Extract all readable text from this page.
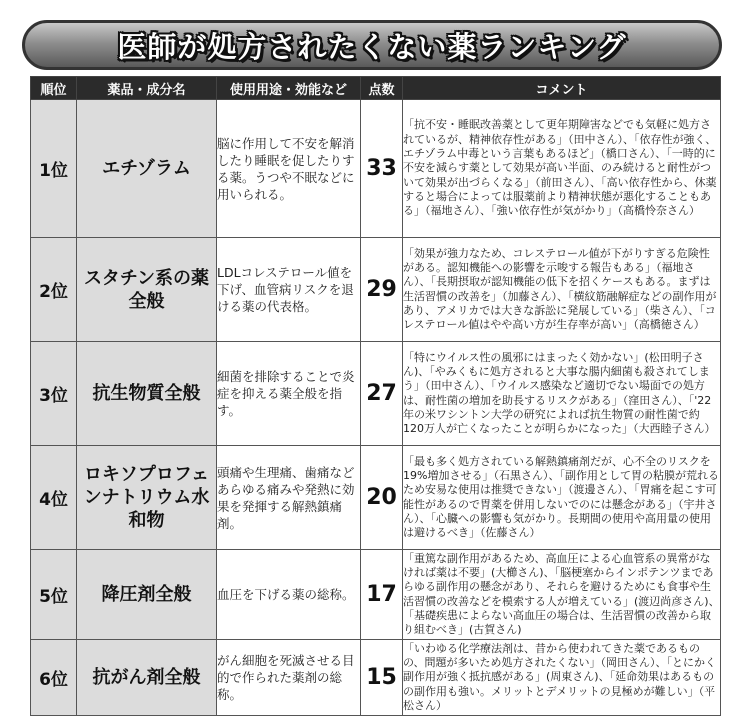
医師が処方されたくない薬ランキング
順位	薬品・成分名	使用用途・効能など	点数	コメント
1位	エチゾラム	脳に作用して不安を解消したり睡眠を促したりする薬。うつや不眠などに用いられる。	33	「抗不安・睡眠改善薬として更年期障害などでも気軽に処方されているが、精神依存性がある」（田中さん）、「依存性が強く、エチゾラム中毒という言葉もあるほど」（橋口さん）、「一時的に不安を減らす薬として効果が高い半面、のみ続けると耐性がついて効果が出づらくなる」（前田さん）、「高い依存性から、休薬すると場合によっては服薬前より精神状態が悪化することもある」（福地さん）、「強い依存性が気がかり」（高橋怜奈さん）
2位	スタチン系の薬全般	LDLコレステロール値を下げ、血管病リスクを退ける薬の代表格。	29	「効果が強力なため、コレステロール値が下がりすぎる危険性がある。認知機能への影響を示唆する報告もある」（福地さん）、「長期摂取が認知機能の低下を招くケースもある。まずは生活習慣の改善を」（加藤さん）、「横紋筋融解症などの副作用があり、アメリカでは大きな訴訟に発展している」（柴さん）、「コレステロール値はやや高い方が生存率が高い」（高橋徳さん）
3位	抗生物質全般	細菌を排除することで炎症を抑える薬全般を指す。	27	「特にウイルス性の風邪にはまったく効かない」(松田明子さん)、「やみくもに処方されると大事な腸内細菌も殺されてしまう」（田中さん）、「ウイルス感染など適切でない場面での処方は、耐性菌の増加を助長するリスクがある」（窪田さん）、「'22年の米ワシントン大学の研究によれば抗生物質の耐性菌で約120万人が亡くなったことが明らかになった」（大西睦子さん）
4位	ロキソプロフェンナトリウム水和物	頭痛や生理痛、歯痛などあらゆる痛みや発熱に効果を発揮する解熱鎮痛剤。	20	「最も多く処方されている解熱鎮痛剤だが、心不全のリスクを19%増加させる」（石黒さん）、「副作用として胃の粘膜が荒れるため安易な使用は推奨できない」（渡邊さん）、「胃痛を起こす可能性があるので胃薬を併用しないでのには懸念がある」（宇井さん）、「心臓への影響も気がかり。長期間の使用や高用量の使用は避けるべき」（佐藤さん）
5位	降圧剤全般	血圧を下げる薬の総称。	17	「重篤な副作用があるため、高血圧による心血管系の異常がなければ薬は不要」(大櫛さん)、「脳梗塞からインポテンツまであらゆる副作用の懸念があり、それらを避けるためにも食事や生活習慣の改善などを模索する人が増えている」(渡辺尚彦さん)、「基礎疾患によらない高血圧の場合は、生活習慣の改善から取り組むべき」(古賀さん)
6位	抗がん剤全般	がん細胞を死滅させる目的で作られた薬剤の総称。	15	「いわゆる化学療法剤は、昔から使われてきた薬であるものの、問題が多いため処方されたくない」（岡田さん）、「とにかく副作用が強く抵抗感がある」(周東さん)、「延命効果はあるものの副作用も強い。メリットとデメリットの見極めが難しい」（平松さん）
